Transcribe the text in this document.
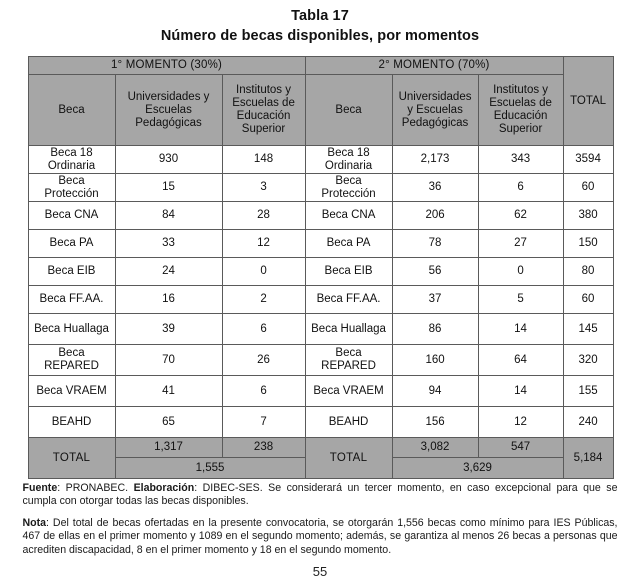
Tabla 17
Número de becas disponibles, por momentos
1° MOMENTO (30%)			2° MOMENTO (70%)			TOTAL
Beca	Universidades y Escuelas Pedagógicas	Institutos y Escuelas de Educación Superior	Beca	Universidades y Escuelas Pedagógicas	Institutos y Escuelas de Educación Superior	
Beca 18 Ordinaria	930	148	Beca 18 Ordinaria	2,173	343	3594
Beca Protección	15	3	Beca Protección	36	6	60
Beca CNA	84	28	Beca CNA	206	62	380
Beca PA	33	12	Beca PA	78	27	150
Beca EIB	24	0	Beca EIB	56	0	80
Beca FF.AA.	16	2	Beca FF.AA.	37	5	60
Beca Huallaga	39	6	Beca Huallaga	86	14	145
Beca REPARED	70	26	Beca REPARED	160	64	320
Beca VRAEM	41	6	Beca VRAEM	94	14	155
BEAHD	65	7	BEAHD	156	12	240
TOTAL	1,317	238	TOTAL	3,082	547	5,184
	1,555			3,629		
Fuente: PRONABEC. Elaboración: DIBEC-SES. Se considerará un tercer momento, en caso excepcional para que se cumpla con otorgar todas las becas disponibles.
Nota: Del total de becas ofertadas en la presente convocatoria, se otorgarán 1,556 becas como mínimo para IES Públicas, 467 de ellas en el primer momento y 1089 en el segundo momento; además, se garantiza al menos 26 becas a personas que acrediten discapacidad, 8 en el primer momento y 18 en el segundo momento.
55
